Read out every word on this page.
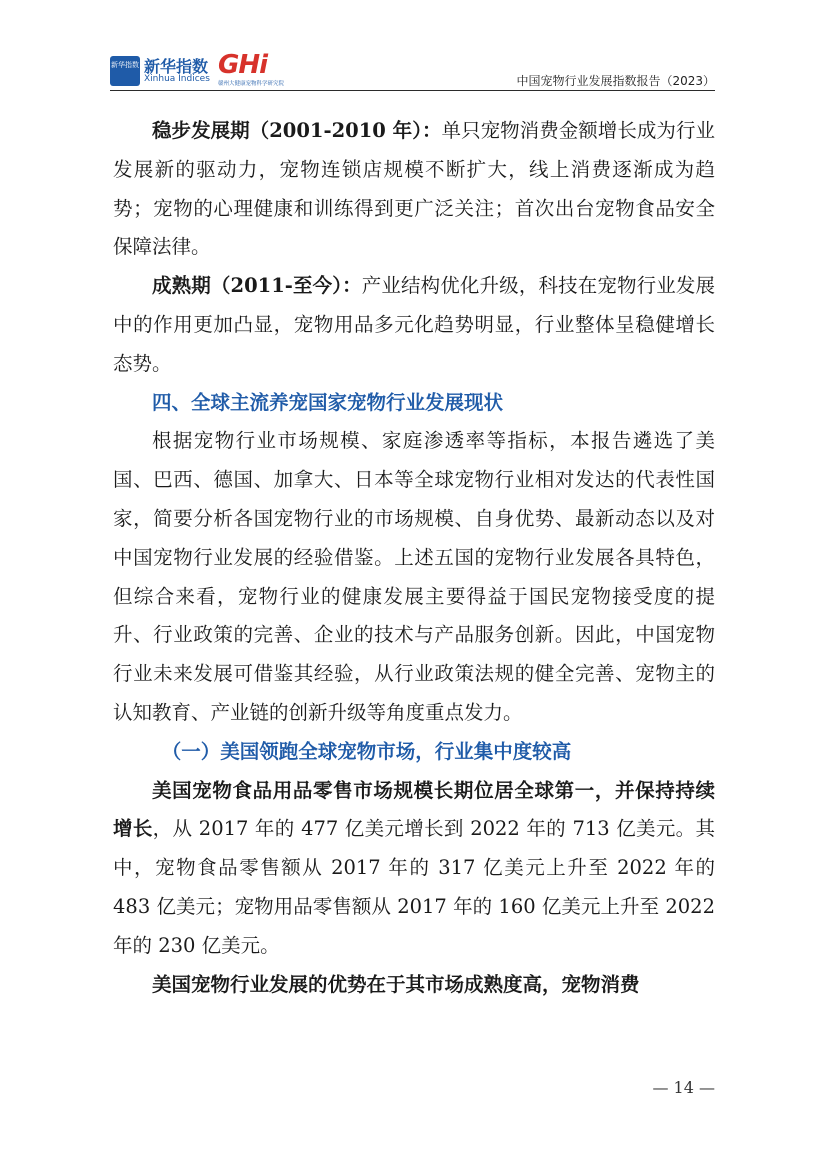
新华指数 新华指数
Xinhua Indices GHi
赣州大健康宠物科学研究院	中国宠物行业发展指数报告（2023）

稳步发展期（2001-2010 年）：单只宠物消费金额增长成为行业发展新的驱动力，宠物连锁店规模不断扩大，线上消费逐渐成为趋势；宠物的心理健康和训练得到更广泛关注；首次出台宠物食品安全保障法律。

成熟期（2011-至今）：产业结构优化升级，科技在宠物行业发展中的作用更加凸显，宠物用品多元化趋势明显，行业整体呈稳健增长态势。

四、全球主流养宠国家宠物行业发展现状

根据宠物行业市场规模、家庭渗透率等指标，本报告遴选了美国、巴西、德国、加拿大、日本等全球宠物行业相对发达的代表性国家，简要分析各国宠物行业的市场规模、自身优势、最新动态以及对中国宠物行业发展的经验借鉴。上述五国的宠物行业发展各具特色，但综合来看，宠物行业的健康发展主要得益于国民宠物接受度的提升、行业政策的完善、企业的技术与产品服务创新。因此，中国宠物行业未来发展可借鉴其经验，从行业政策法规的健全完善、宠物主的认知教育、产业链的创新升级等角度重点发力。

（一）美国领跑全球宠物市场，行业集中度较高

美国宠物食品用品零售市场规模长期位居全球第一，并保持持续增长，从 2017 年的 477 亿美元增长到 2022 年的 713 亿美元。其中，宠物食品零售额从 2017 年的 317 亿美元上升至 2022 年的 483 亿美元；宠物用品零售额从 2017 年的 160 亿美元上升至 2022 年的 230 亿美元。

美国宠物行业发展的优势在于其市场成熟度高，宠物消费

— 14 —
